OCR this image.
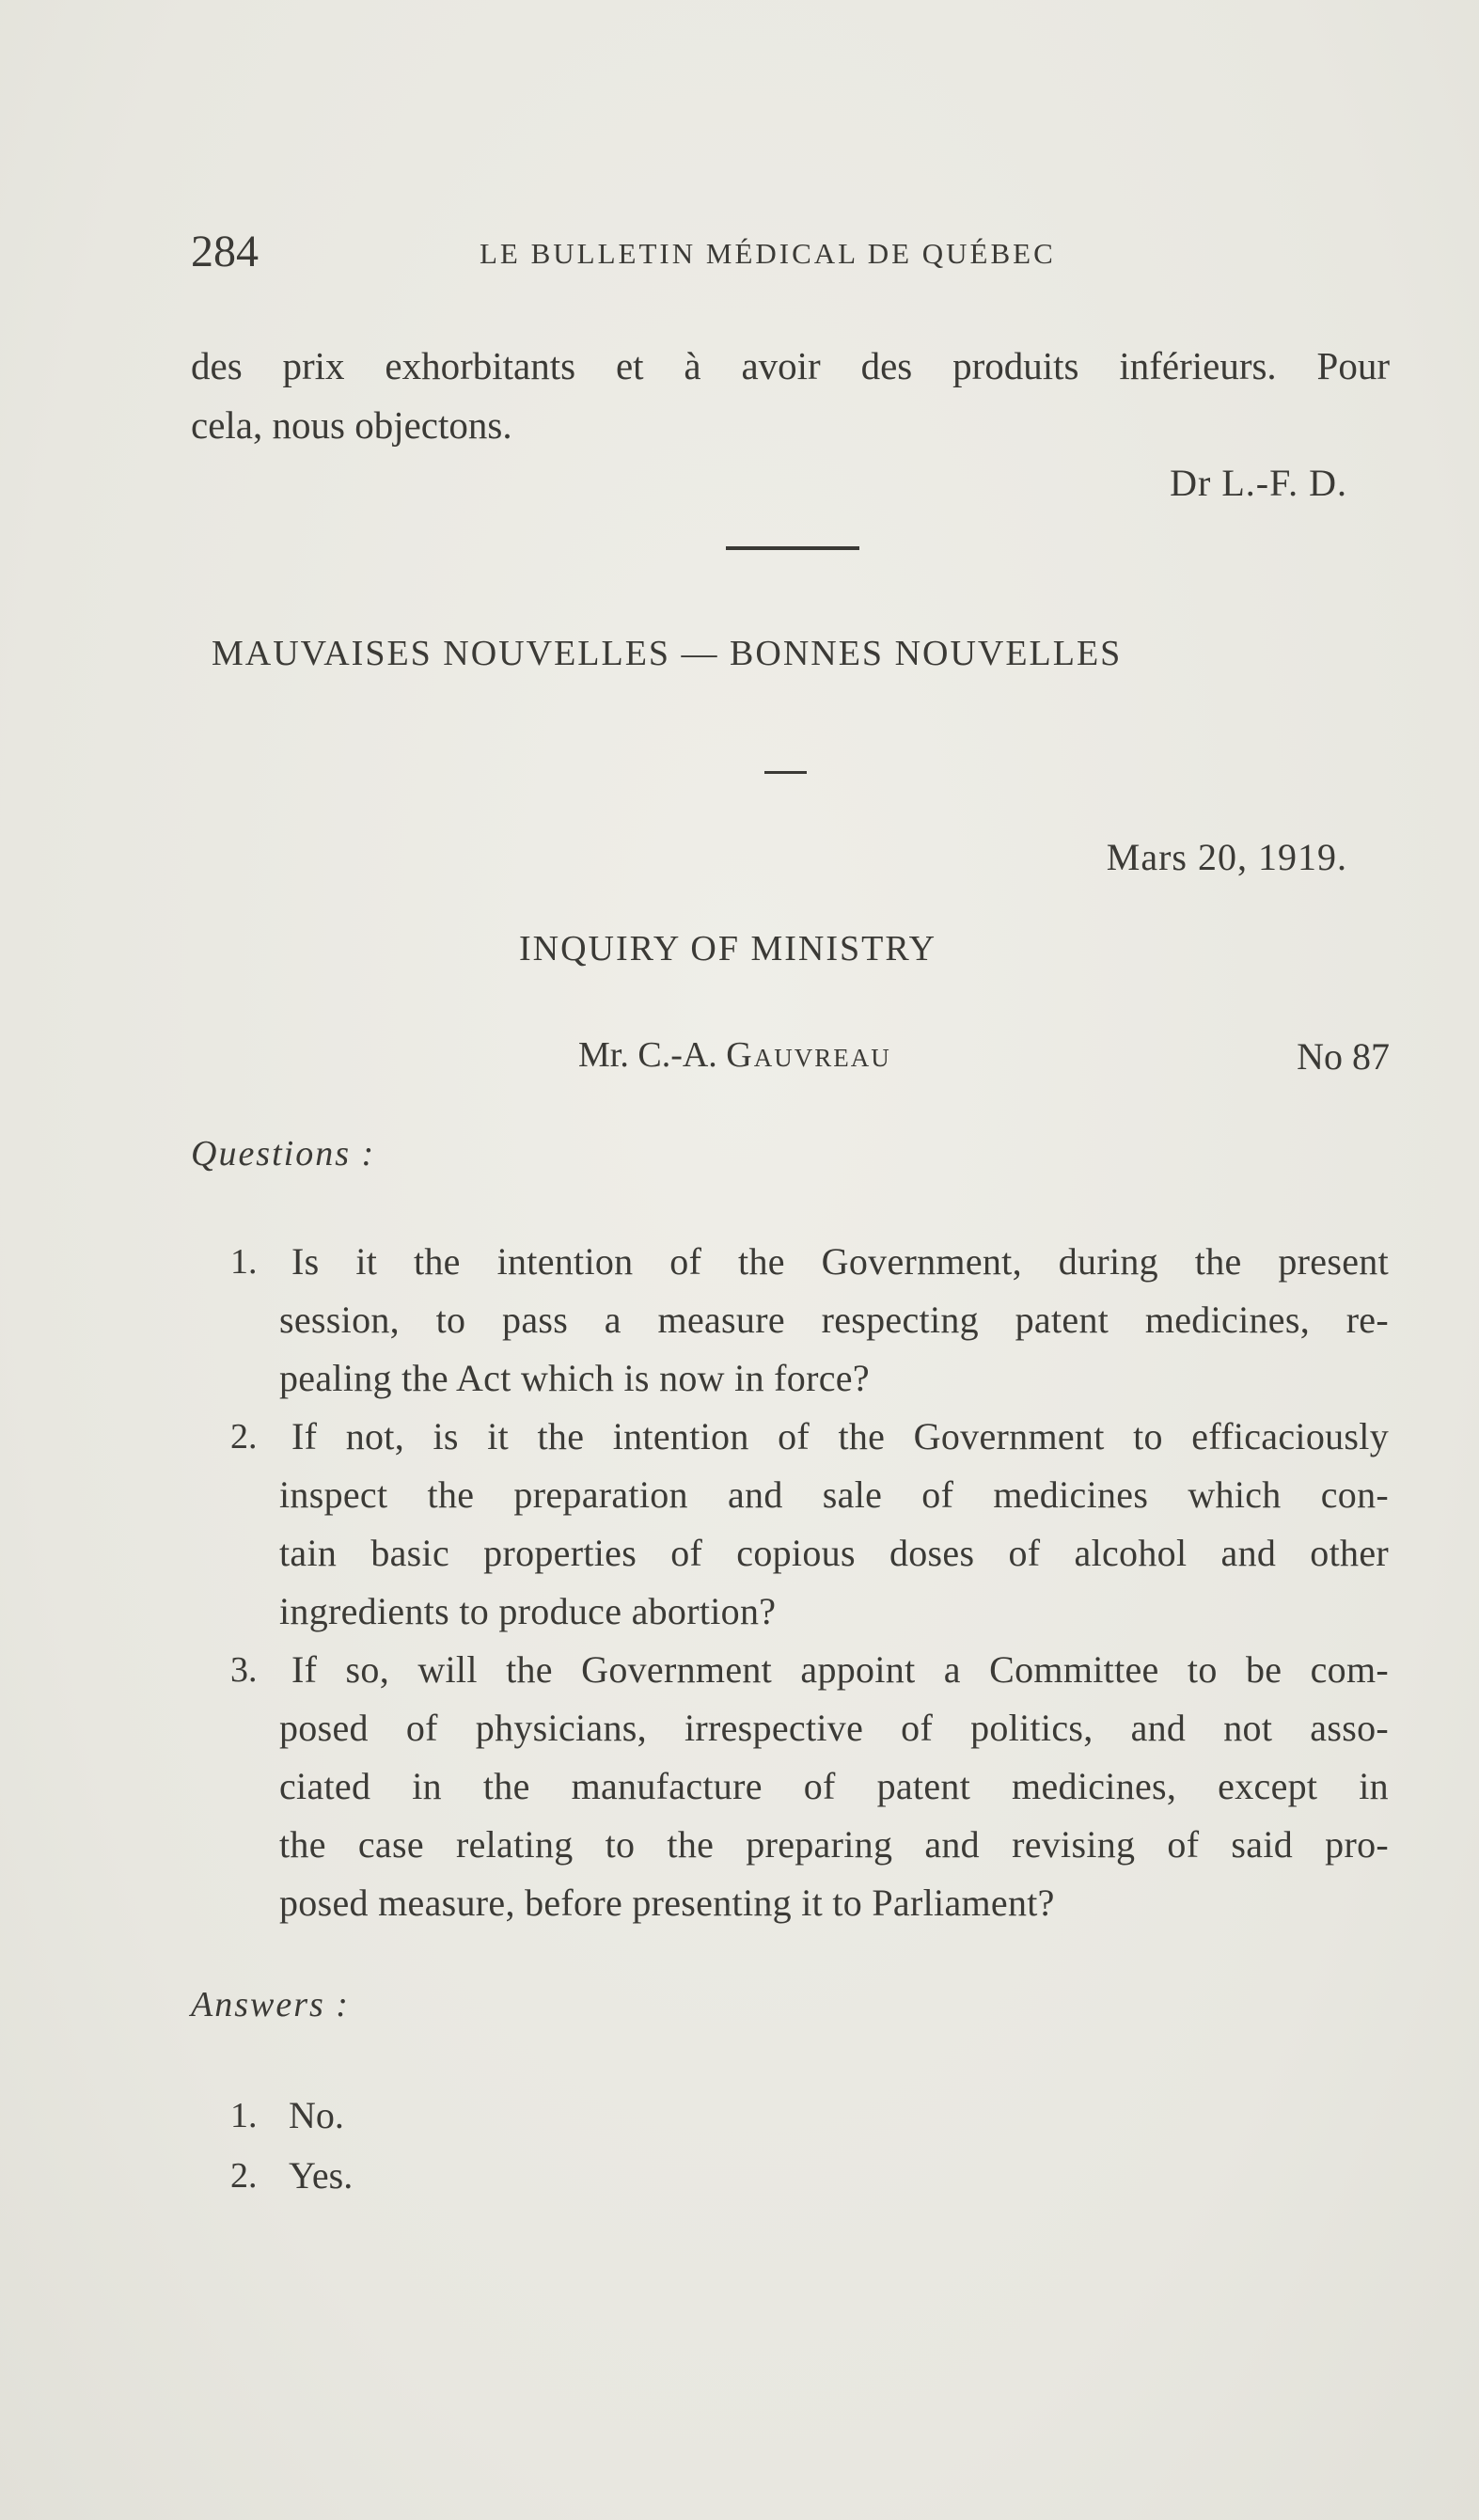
284	LE BULLETIN MÉDICAL DE QUÉBEC
des prix exhorbitants et à avoir des produits inférieurs. Pour
cela, nous objectons.
Dr L.-F. D.
MAUVAISES NOUVELLES — BONNES NOUVELLES
Mars 20, 1919.
INQUIRY OF MINISTRY
Mr. C.-A. Gauvreau	No 87
Questions :
1. Is it the intention of the Government, during the present
session, to pass a measure respecting patent medicines, re-
pealing the Act which is now in force?
2. If not, is it the intention of the Government to efficaciously
inspect the preparation and sale of medicines which con-
tain basic properties of copious doses of alcohol and other
ingredients to produce abortion?
3. If so, will the Government appoint a Committee to be com-
posed of physicians, irrespective of politics, and not asso-
ciated in the manufacture of patent medicines, except in
the case relating to the preparing and revising of said pro-
posed measure, before presenting it to Parliament?
Answers :
1. No.
2. Yes.
